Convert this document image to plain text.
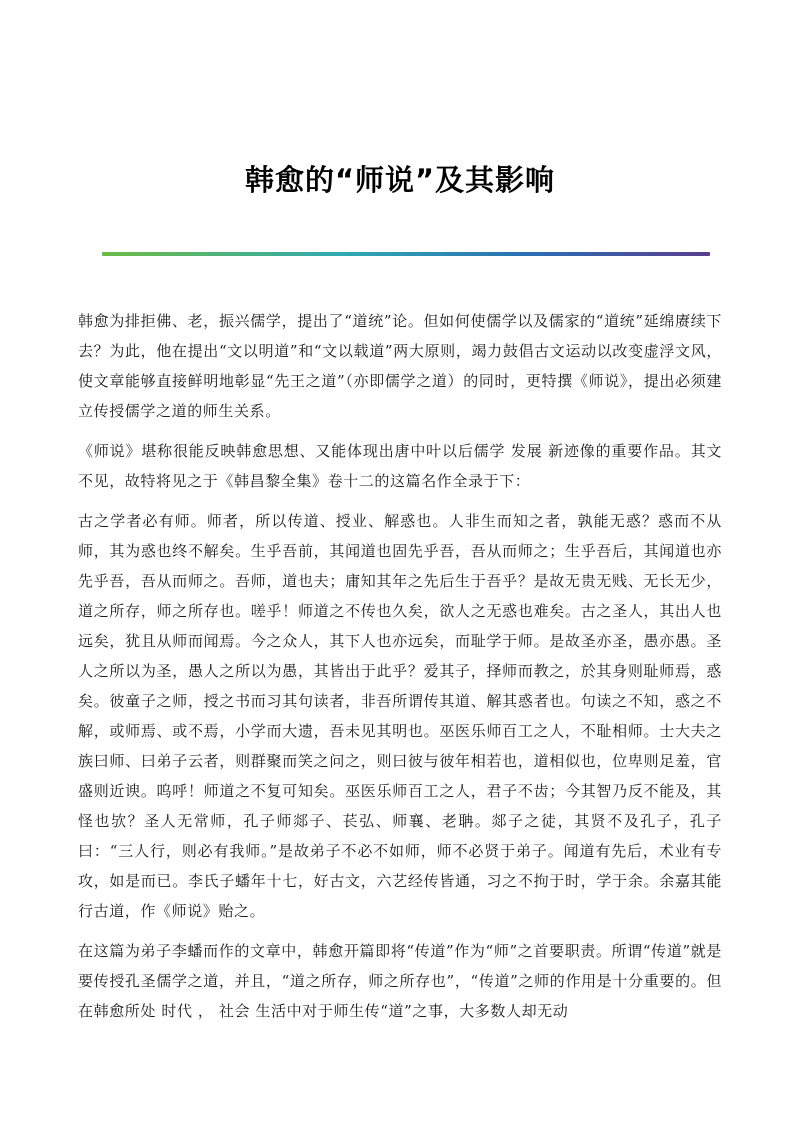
韩愈的“师说”及其影响

韩愈为排拒佛、老，振兴儒学，提出了“道统”论。但如何使儒学以及儒家的“道统”延绵赓续下去？为此，他在提出“文以明道”和“文以载道”两大原则，竭力鼓倡古文运动以改变虚浮文风，使文章能够直接鲜明地彰显“先王之道”（亦即儒学之道）的同时，更特撰《师说》，提出必须建立传授儒学之道的师生关系。

《师说》堪称很能反映韩愈思想、又能体现出唐中叶以后儒学 发展 新迹像的重要作品。其文不见，故特将见之于《韩昌黎全集》卷十二的这篇名作全录于下：

古之学者必有师。师者，所以传道、授业、解惑也。人非生而知之者，孰能无惑？惑而不从师，其为惑也终不解矣。生乎吾前，其闻道也固先乎吾，吾从而师之；生乎吾后，其闻道也亦先乎吾，吾从而师之。吾师，道也夫；庸知其年之先后生于吾乎？是故无贵无贱、无长无少，道之所存，师之所存也。嗟乎！师道之不传也久矣，欲人之无惑也难矣。古之圣人，其出人也远矣，犹且从师而闻焉。今之众人，其下人也亦远矣，而耻学于师。是故圣亦圣，愚亦愚。圣人之所以为圣，愚人之所以为愚，其皆出于此乎？爱其子，择师而教之，於其身则耻师焉，惑矣。彼童子之师，授之书而习其句读者，非吾所谓传其道、解其惑者也。句读之不知，惑之不解，或师焉、或不焉，小学而大遗，吾未见其明也。巫医乐师百工之人，不耻相师。士大夫之族曰师、曰弟子云者，则群聚而笑之问之，则曰彼与彼年相若也，道相似也，位卑则足羞，官盛则近谀。呜呼！师道之不复可知矣。巫医乐师百工之人，君子不齿；今其智乃反不能及，其怪也欤？圣人无常师，孔子师郯子、苌弘、师襄、老聃。郯子之徒，其贤不及孔子，孔子曰：“三人行，则必有我师。”是故弟子不必不如师，师不必贤于弟子。闻道有先后，术业有专攻，如是而已。李氏子蟠年十七，好古文，六艺经传皆通，习之不拘于时，学于余。余嘉其能行古道，作《师说》贻之。

在这篇为弟子李蟠而作的文章中，韩愈开篇即将“传道”作为“师”之首要职责。所谓“传道”就是要传授孔圣儒学之道，并且，“道之所存，师之所存也”，“传道”之师的作用是十分重要的。但在韩愈所处 时代 ， 社会 生活中对于师生传“道”之事，大多数人却无动
